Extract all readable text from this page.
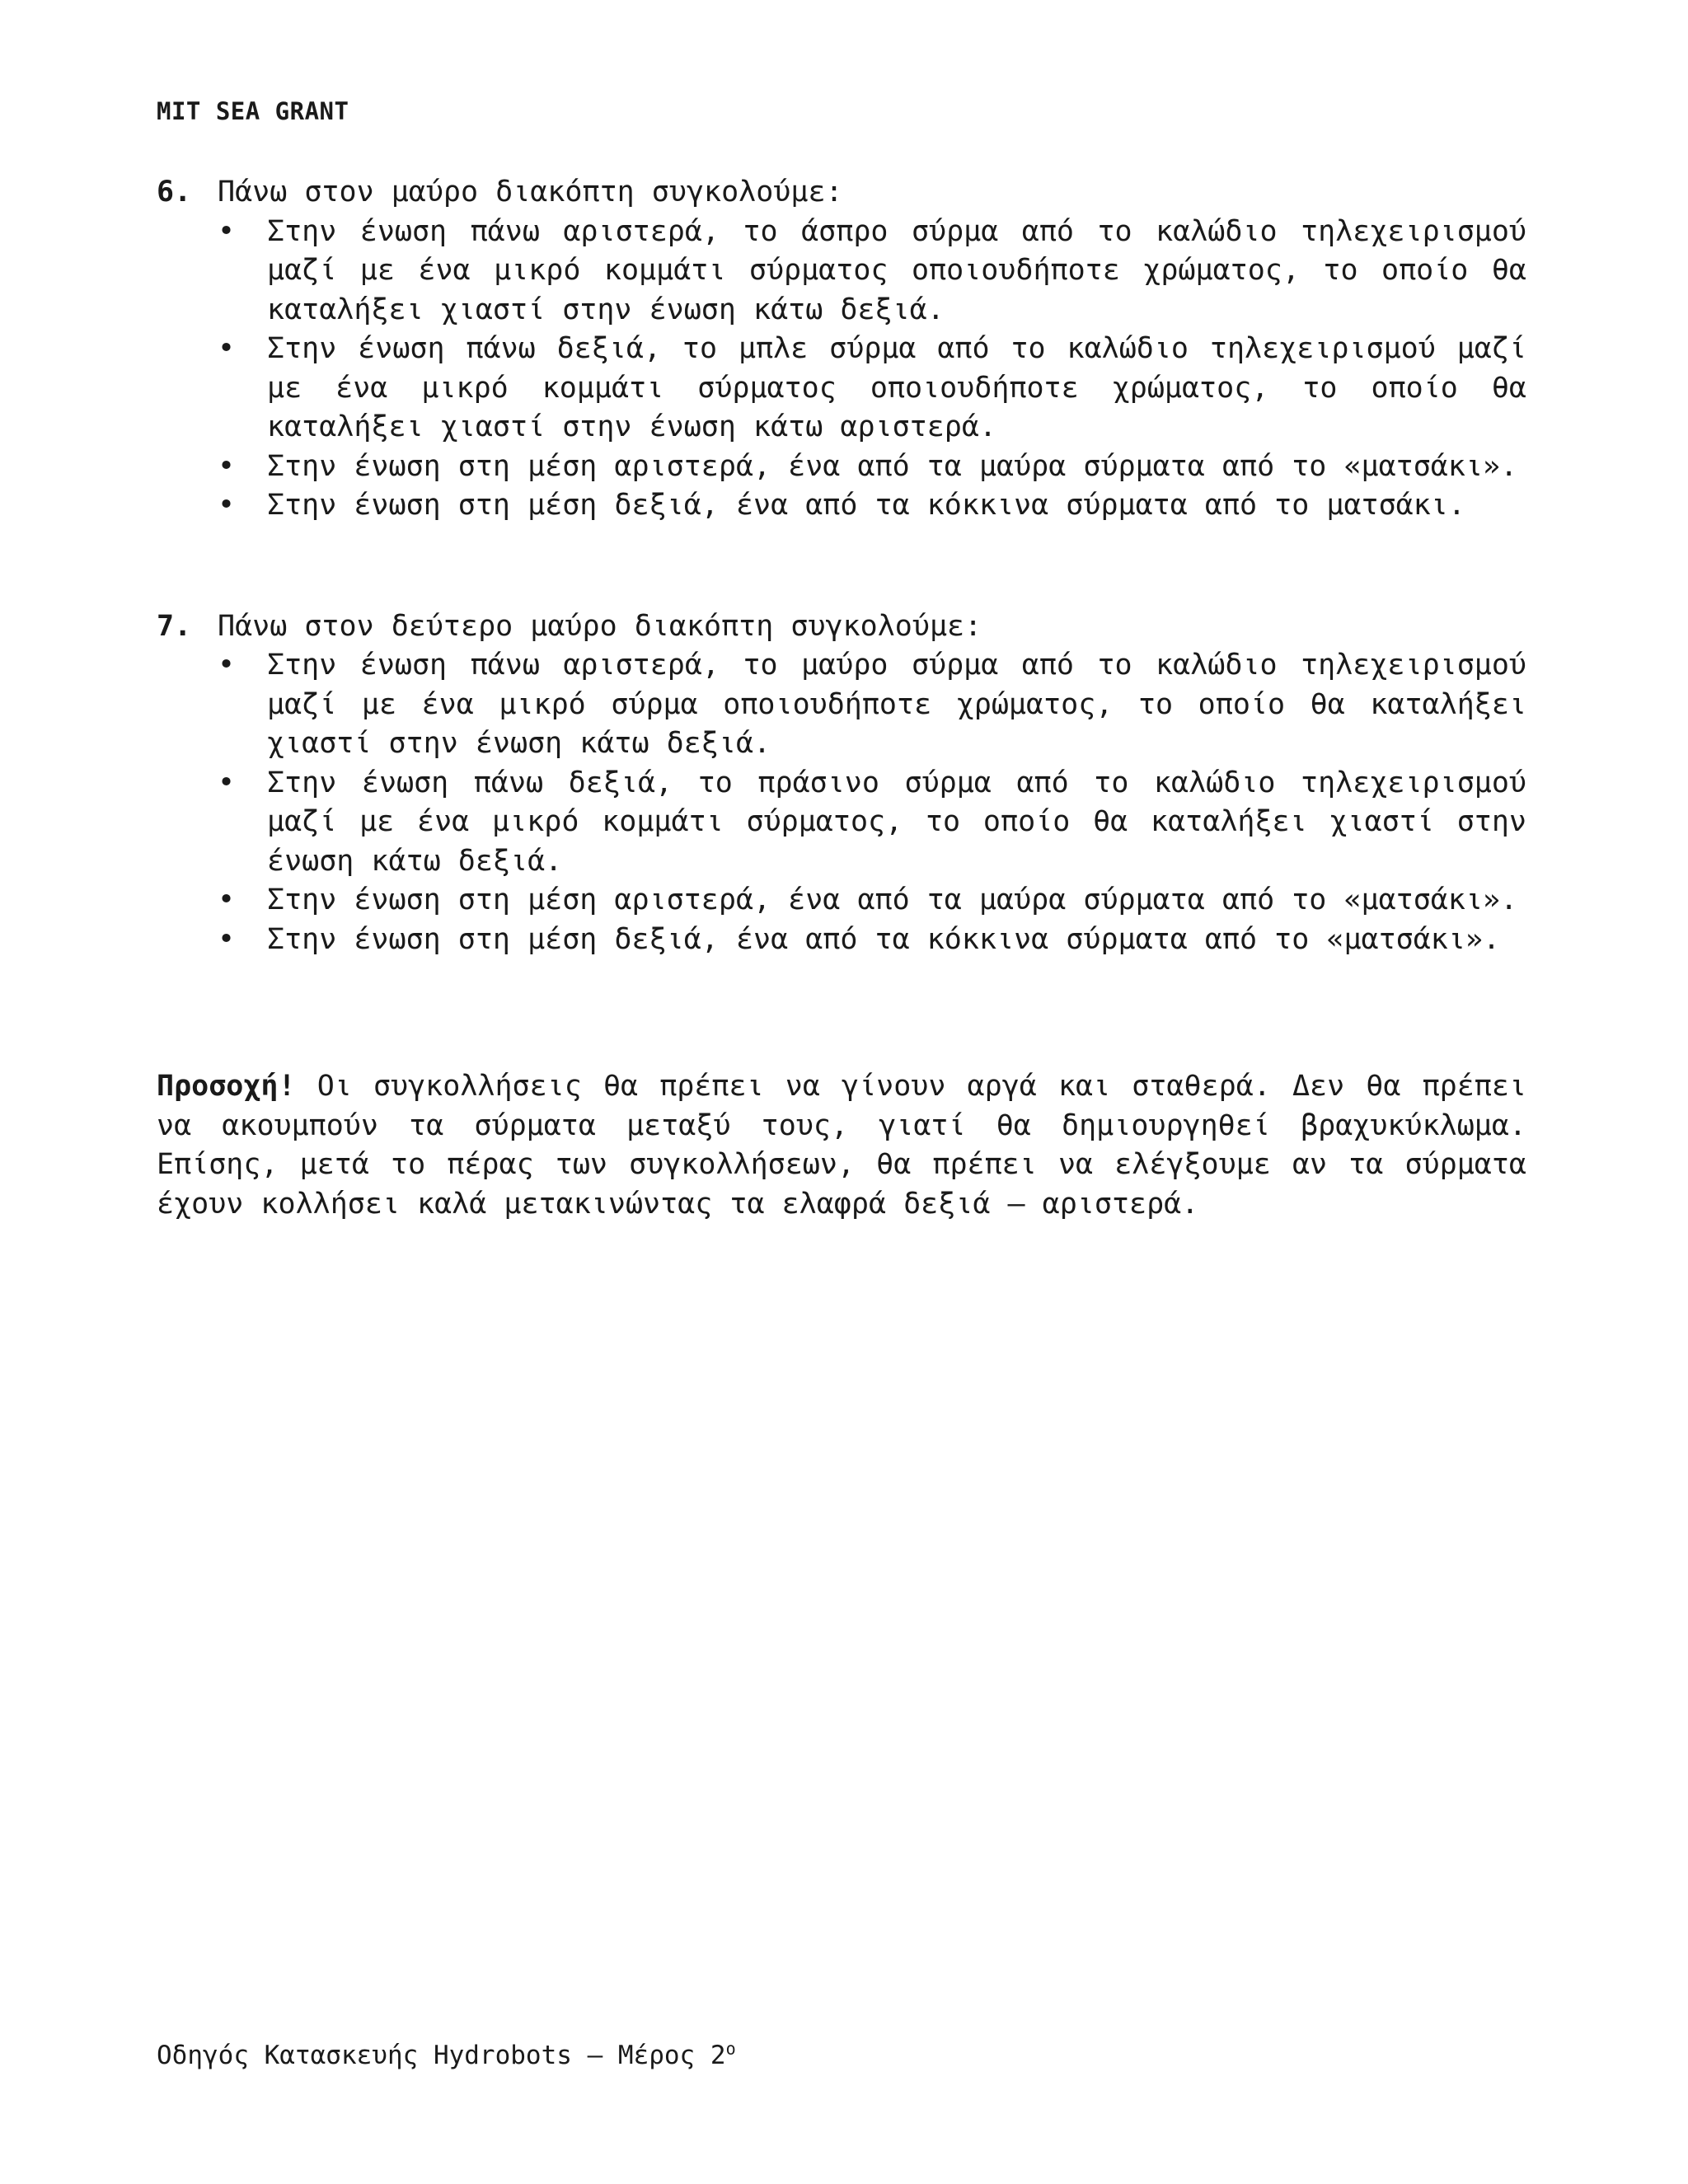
MIT SEA GRANT
6. Πάνω στον μαύρο διακόπτη συγκολούμε:
• Στην ένωση πάνω αριστερά, το άσπρο σύρμα από το καλώδιο τηλεχειρισμού μαζί με ένα μικρό κομμάτι σύρματος οποιουδήποτε χρώματος, το οποίο θα καταλήξει χιαστί στην ένωση κάτω δεξιά.
• Στην ένωση πάνω δεξιά, το μπλε σύρμα από το καλώδιο τηλεχειρισμού μαζί με ένα μικρό κομμάτι σύρματος οποιουδήποτε χρώματος, το οποίο θα καταλήξει χιαστί στην ένωση κάτω αριστερά.
• Στην ένωση στη μέση αριστερά, ένα από τα μαύρα σύρματα από το «ματσάκι».
• Στην ένωση στη μέση δεξιά, ένα από τα κόκκινα σύρματα από το ματσάκι.
7. Πάνω στον δεύτερο μαύρο διακόπτη συγκολούμε:
• Στην ένωση πάνω αριστερά, το μαύρο σύρμα από το καλώδιο τηλεχειρισμού μαζί με ένα μικρό σύρμα οποιουδήποτε χρώματος, το οποίο θα καταλήξει χιαστί στην ένωση κάτω δεξιά.
• Στην ένωση πάνω δεξιά, το πράσινο σύρμα από το καλώδιο τηλεχειρισμού μαζί με ένα μικρό κομμάτι σύρματος, το οποίο θα καταλήξει χιαστί στην ένωση κάτω δεξιά.
• Στην ένωση στη μέση αριστερά, ένα από τα μαύρα σύρματα από το «ματσάκι».
• Στην ένωση στη μέση δεξιά, ένα από τα κόκκινα σύρματα από το «ματσάκι».
Προσοχή! Οι συγκολλήσεις θα πρέπει να γίνουν αργά και σταθερά. Δεν θα πρέπει να ακουμπούν τα σύρματα μεταξύ τους, γιατί θα δημιουργηθεί βραχυκύκλωμα. Επίσης, μετά το πέρας των συγκολλήσεων, θα πρέπει να ελέγξουμε αν τα σύρματα έχουν κολλήσει καλά μετακινώντας τα ελαφρά δεξιά – αριστερά.
Οδηγός Κατασκευής Hydrobots – Μέρος $2^o$
